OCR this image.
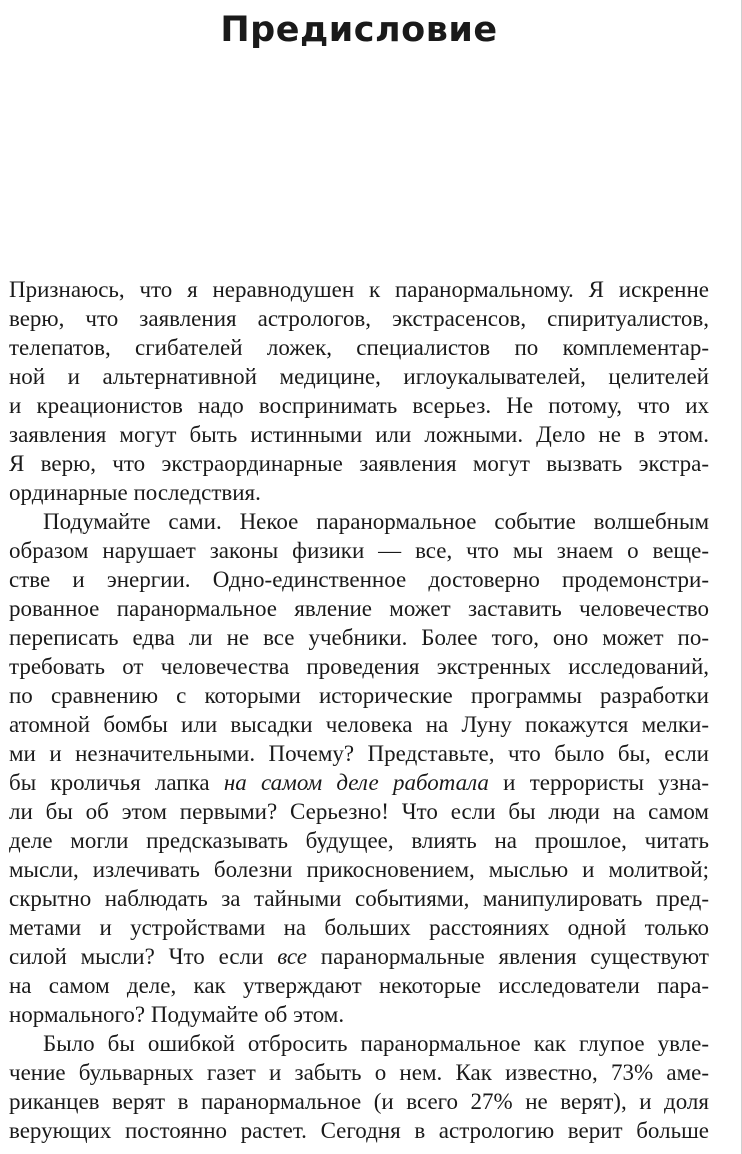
Предисловие

Признаюсь, что я неравнодушен к паранормальному. Я искренне
верю, что заявления астрологов, экстрасенсов, спиритуалистов,
телепатов, сгибателей ложек, специалистов по комплементар-
ной и альтернативной медицине, иглоукалывателей, целителей
и креационистов надо воспринимать всерьез. Не потому, что их
заявления могут быть истинными или ложными. Дело не в этом.
Я верю, что экстраординарные заявления могут вызвать экстра-
ординарные последствия.

Подумайте сами. Некое паранормальное событие волшебным
образом нарушает законы физики — все, что мы знаем о веще-
стве и энергии. Одно-единственное достоверно продемонстри-
рованное паранормальное явление может заставить человечество
переписать едва ли не все учебники. Более того, оно может по-
требовать от человечества проведения экстренных исследований,
по сравнению с которыми исторические программы разработки
атомной бомбы или высадки человека на Луну покажутся мелки-
ми и незначительными. Почему? Представьте, что было бы, если
бы кроличья лапка на самом деле работала и террористы узна-
ли бы об этом первыми? Серьезно! Что если бы люди на самом
деле могли предсказывать будущее, влиять на прошлое, читать
мысли, излечивать болезни прикосновением, мыслью и молитвой;
скрытно наблюдать за тайными событиями, манипулировать пред-
метами и устройствами на больших расстояниях одной только
силой мысли? Что если все паранормальные явления существуют
на самом деле, как утверждают некоторые исследователи пара-
нормального? Подумайте об этом.

Было бы ошибкой отбросить паранормальное как глупое увле-
чение бульварных газет и забыть о нем. Как известно, 73% аме-
риканцев верят в паранормальное (и всего 27% не верят), и доля
верующих постоянно растет. Сегодня в астрологию верит больше
